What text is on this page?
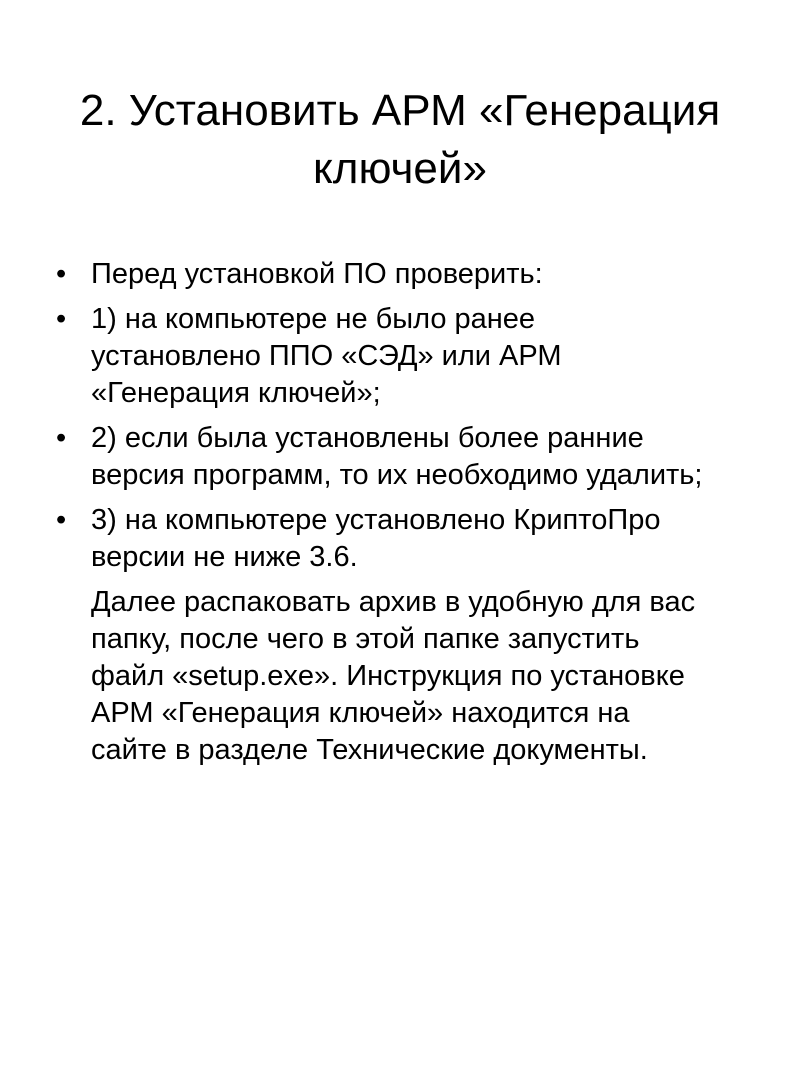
2. Установить АРМ «Генерация
ключей»
• Перед установкой ПО проверить:
• 1) на компьютере не было ранее
установлено ППО «СЭД» или АРМ
«Генерация ключей»;
• 2) если была установлены более ранние
версия программ, то их необходимо удалить;
• 3) на компьютере установлено КриптоПро
версии не ниже 3.6.
Далее распаковать архив в удобную для вас
папку, после чего в этой папке запустить
файл «setup.exe». Инструкция по установке
АРМ «Генерация ключей» находится на
сайте в разделе Технические документы.
